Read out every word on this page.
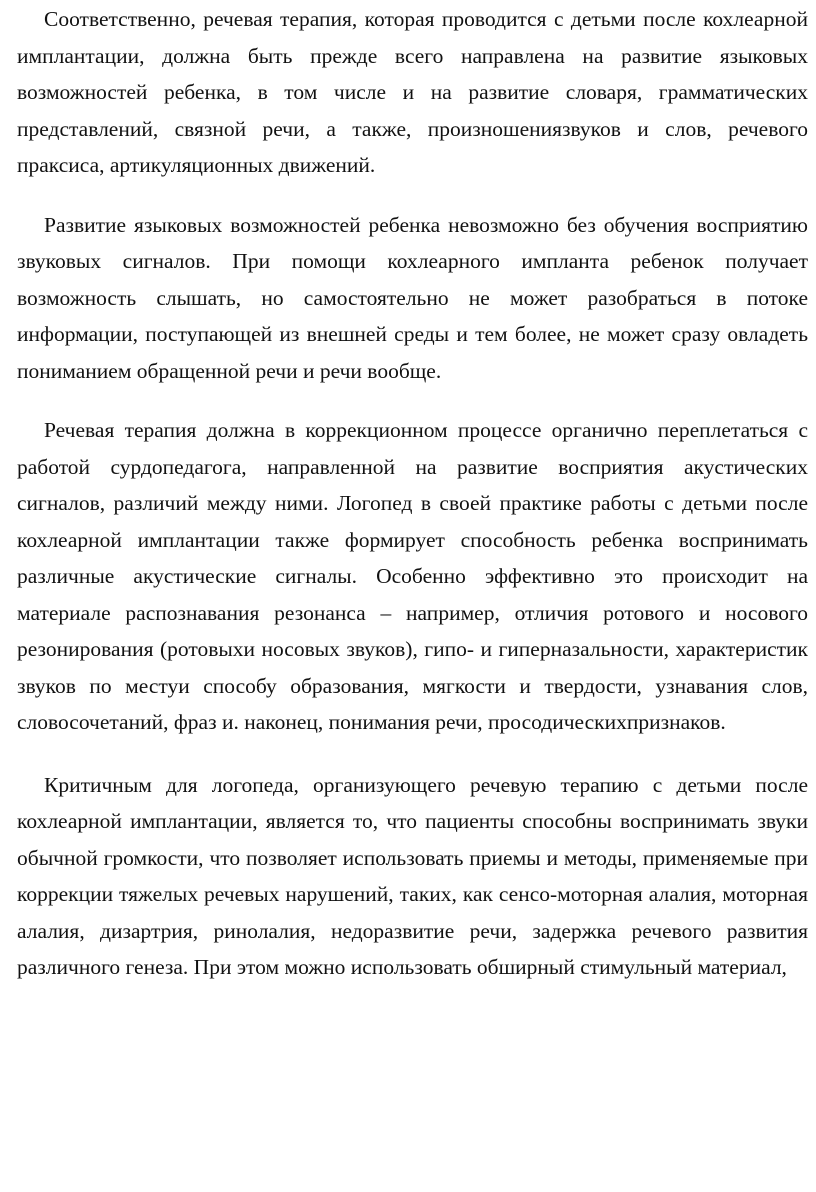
Соответственно, речевая терапия, которая проводится с детьми после кохлеарной имплантации, должна быть прежде всего направлена на развитие языковых возможностей ребенка, в том числе и на развитие словаря, грамматических представлений, связной речи, а также, произношениязвуков и слов, речевого праксиса, артикуляционных движений.

Развитие языковых возможностей ребенка невозможно без обучения восприятию звуковых сигналов. При помощи кохлеарного импланта ребенок получает возможность слышать, но самостоятельно не может разобраться в потоке информации, поступающей из внешней среды и тем более, не может сразу овладеть пониманием обращенной речи и речи вообще.

Речевая терапия должна в коррекционном процессе органично переплетаться с работой сурдопедагога, направленной на развитие восприятия акустических сигналов, различий между ними. Логопед в своей практике работы с детьми после кохлеарной имплантации также формирует способность ребенка воспринимать различные акустические сигналы. Особенно эффективно это происходит на материале распознавания резонанса – например, отличия ротового и носового резонирования (ротовыхи носовых звуков), гипо- и гиперназальности, характеристик звуков по местуи способу образования, мягкости и твердости, узнавания слов, словосочетаний, фраз и. наконец, понимания речи, просодическихпризнаков.

Критичным для логопеда, организующего речевую терапию с детьми после кохлеарной имплантации, является то, что пациенты способны воспринимать звуки обычной громкости, что позволяет использовать приемы и методы, применяемые при коррекции тяжелых речевых нарушений, таких, как сенсо-моторная алалия, моторная алалия, дизартрия, ринолалия, недоразвитие речи, задержка речевого развития различного генеза. При этом можно использовать обширный стимульный материал,
